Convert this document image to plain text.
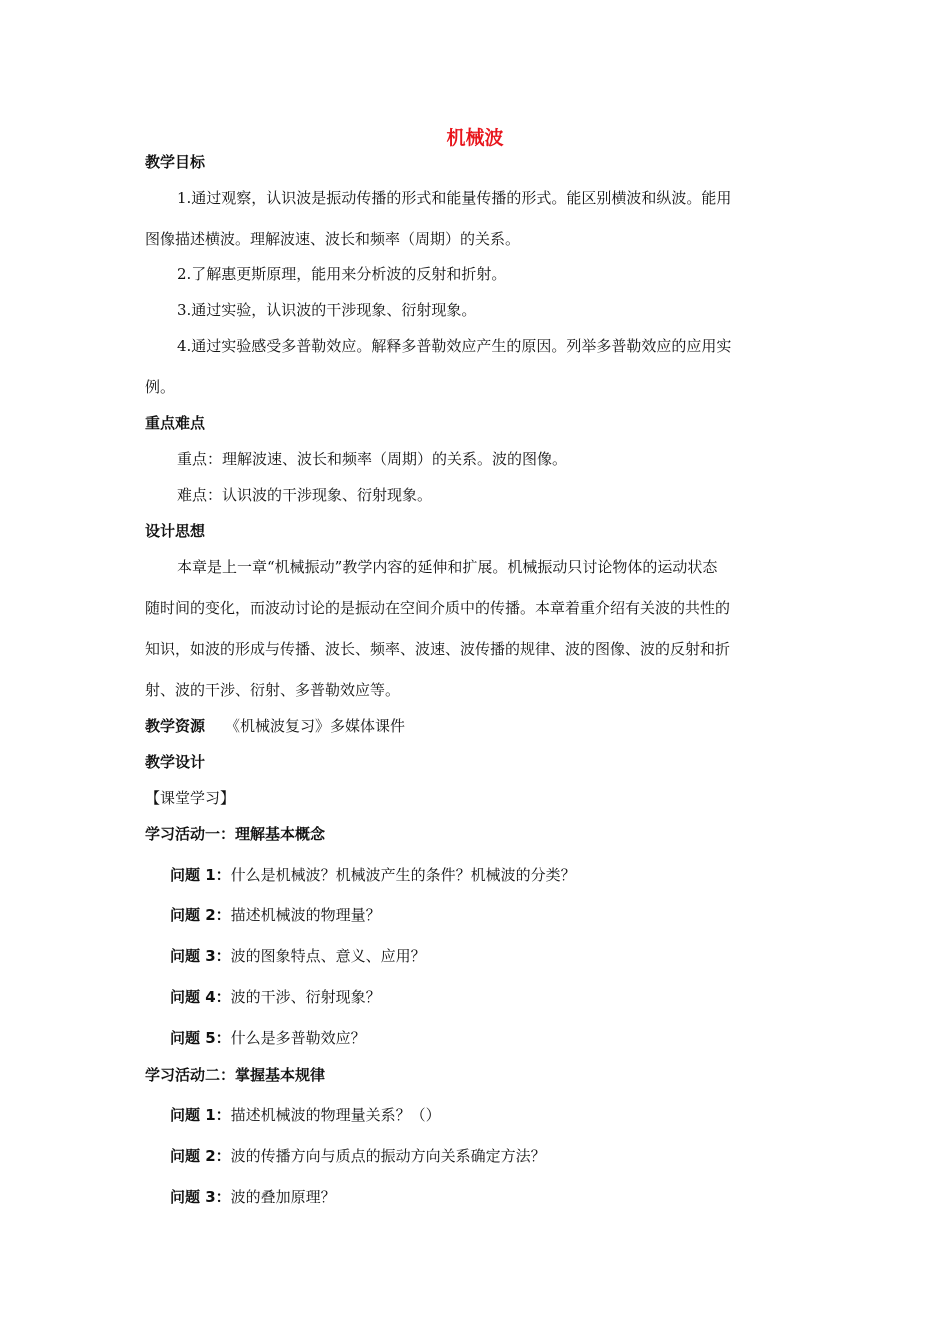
机械波
教学目标
1.通过观察，认识波是振动传播的形式和能量传播的形式。能区别横波和纵波。能用
图像描述横波。理解波速、波长和频率（周期）的关系。
2.了解惠更斯原理，能用来分析波的反射和折射。
3.通过实验，认识波的干涉现象、衍射现象。
4.通过实验感受多普勒效应。解释多普勒效应产生的原因。列举多普勒效应的应用实
例。
重点难点
重点：理解波速、波长和频率（周期）的关系。波的图像。
难点：认识波的干涉现象、衍射现象。
设计思想
本章是上一章“机械振动”教学内容的延伸和扩展。机械振动只讨论物体的运动状态
随时间的变化，而波动讨论的是振动在空间介质中的传播。本章着重介绍有关波的共性的
知识，如波的形成与传播、波长、频率、波速、波传播的规律、波的图像、波的反射和折
射、波的干涉、衍射、多普勒效应等。
教学资源 《机械波复习》多媒体课件
教学设计
【课堂学习】
学习活动一：理解基本概念
问题 1：什么是机械波？机械波产生的条件？机械波的分类？
问题 2：描述机械波的物理量？
问题 3：波的图象特点、意义、应用？
问题 4：波的干涉、衍射现象？
问题 5：什么是多普勒效应？
学习活动二：掌握基本规律
问题 1：描述机械波的物理量关系？（）
问题 2：波的传播方向与质点的振动方向关系确定方法？
问题 3：波的叠加原理？
